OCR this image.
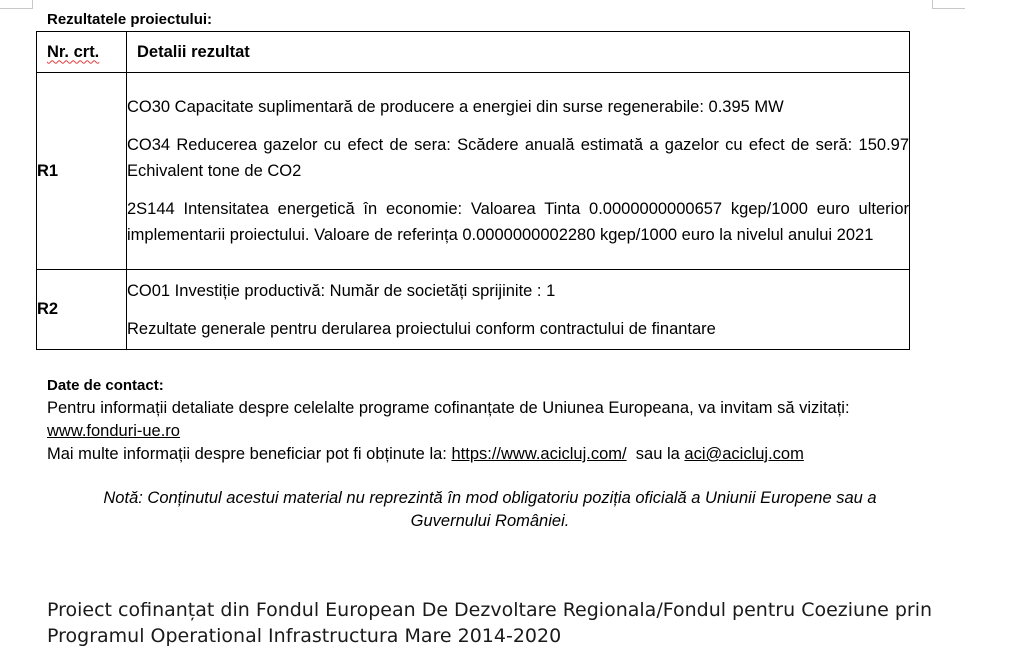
Rezultatele proiectului:
Nr. crt.	Detalii rezultat
R1	CO30 Capacitate suplimentară de producere a energiei din surse regenerabile: 0.395 MW

CO34 Reducerea gazelor cu efect de sera: Scădere anuală estimată a gazelor cu efect de seră: 150.97 Echivalent tone de CO2

2S144 Intensitatea energetică în economie: Valoarea Tinta 0.0000000000657 kgep/1000 euro ulterior implementarii proiectului. Valoare de referința 0.0000000002280 kgep/1000 euro la nivelul anului 2021

R2	CO01 Investiție productivă: Număr de societăți sprijinite : 1

Rezultate generale pentru derularea proiectului conform contractului de finantare

Date de contact:
Pentru informații detaliate despre celelalte programe cofinanțate de Uniunea Europeana, va invitam să vizitați:
www.fonduri-ue.ro
Mai multe informații despre beneficiar pot fi obținute la: https://www.acicluj.com/ sau la aci@acicluj.com
Notă: Conținutul acestui material nu reprezintă în mod obligatoriu poziția oficială a Uniunii Europene sau a Guvernului României.
Proiect cofinanțat din Fondul European De Dezvoltare Regionala/Fondul pentru Coeziune prin Programul Operational Infrastructura Mare 2014-2020
